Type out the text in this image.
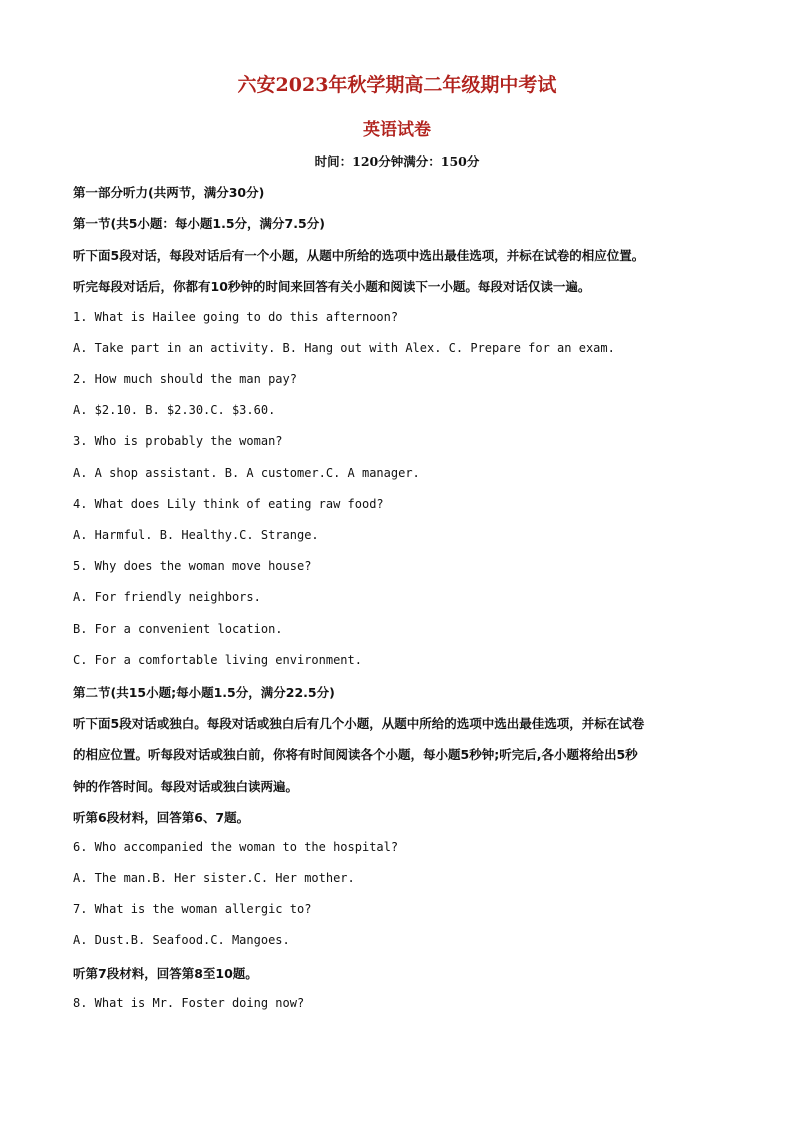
六安2023年秋学期高二年级期中考试
英语试卷
时间：120分钟满分：150分
第一部分听力(共两节，满分30分)
第一节(共5小题：每小题1.5分，满分7.5分)
听下面5段对话，每段对话后有一个小题，从题中所给的选项中选出最佳选项，并标在试卷的相应位置。
听完每段对话后，你都有10秒钟的时间来回答有关小题和阅读下一小题。每段对话仅读一遍。
1. What is Hailee going to do this afternoon?
A. Take part in an activity. B. Hang out with Alex. C. Prepare for an exam.
2. How much should the man pay?
A. $2.10. B. $2.30.C. $3.60.
3. Who is probably the woman?
A. A shop assistant. B. A customer.C. A manager.
4. What does Lily think of eating raw food?
A. Harmful. B. Healthy.C. Strange.
5. Why does the woman move house?
A. For friendly neighbors.
B. For a convenient location.
C. For a comfortable living environment.
第二节(共15小题;每小题1.5分，满分22.5分)
听下面5段对话或独白。每段对话或独白后有几个小题，从题中所给的选项中选出最佳选项，并标在试卷
的相应位置。听每段对话或独白前，你将有时间阅读各个小题，每小题5秒钟;听完后,各小题将给出5秒
钟的作答时间。每段对话或独白读两遍。
听第6段材料，回答第6、7题。
6. Who accompanied the woman to the hospital?
A. The man.B. Her sister.C. Her mother.
7. What is the woman allergic to?
A. Dust.B. Seafood.C. Mangoes.
听第7段材料，回答第8至10题。
8. What is Mr. Foster doing now?
